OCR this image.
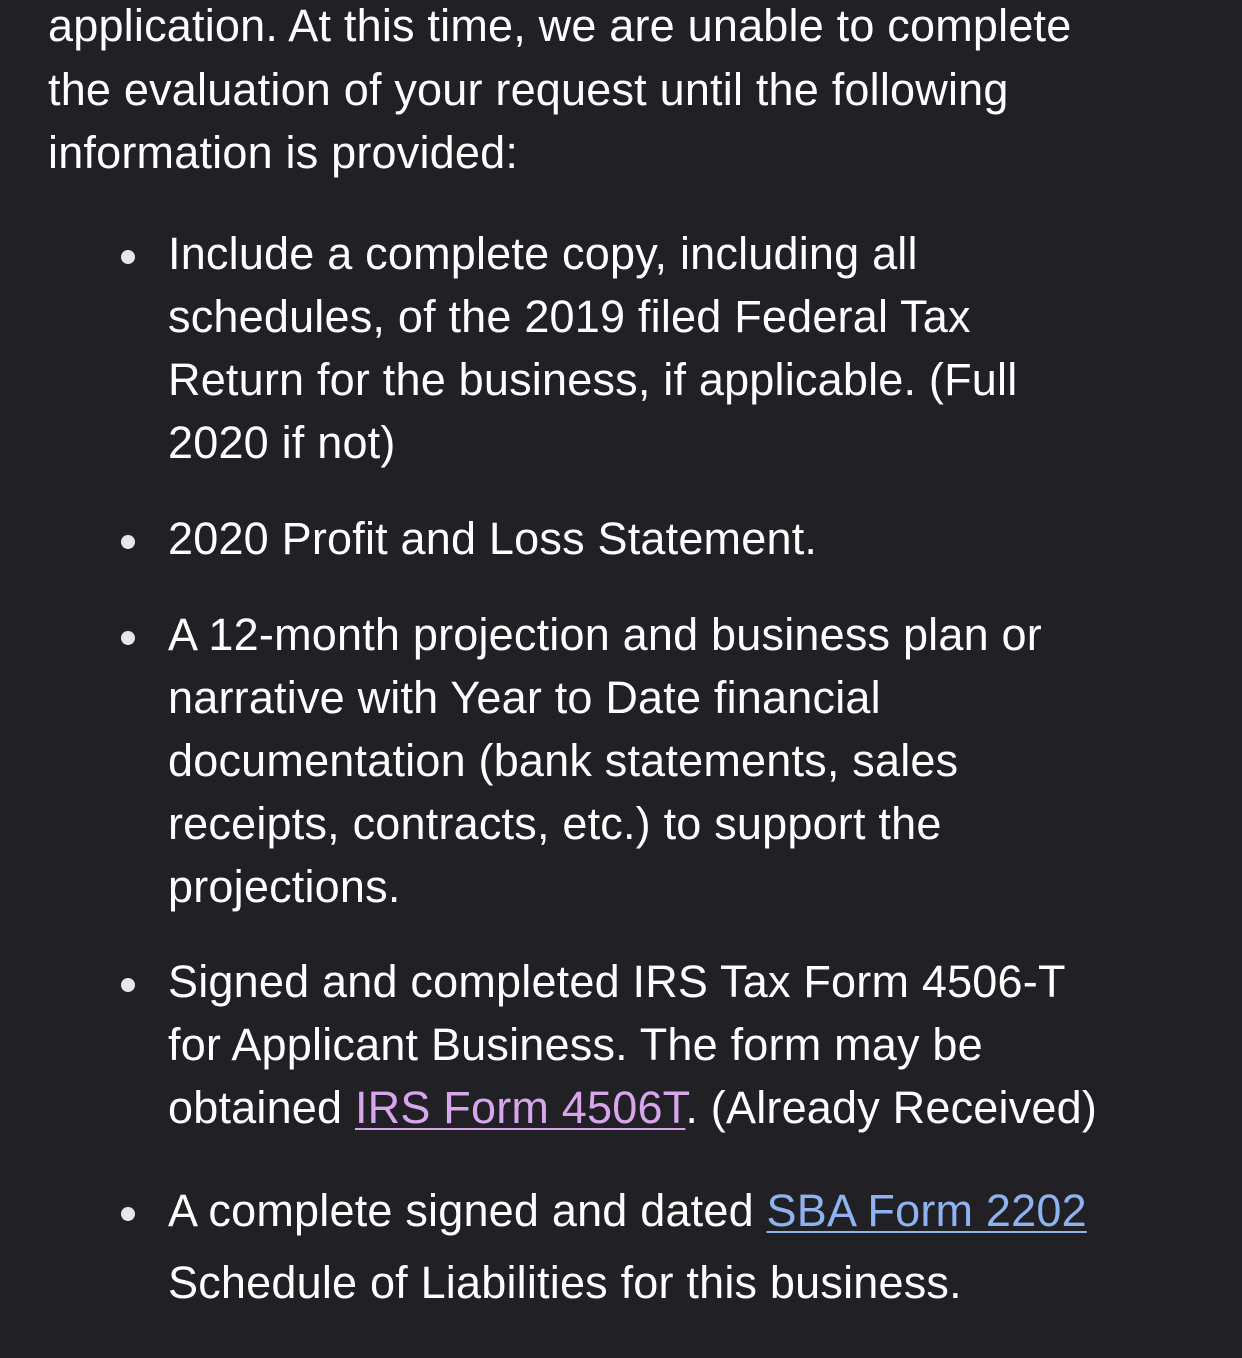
application. At this time, we are unable to complete
the evaluation of your request until the following
information is provided:

Include a complete copy, including all
schedules, of the 2019 filed Federal Tax
Return for the business, if applicable. (Full
2020 if not)
2020 Profit and Loss Statement.
A 12-month projection and business plan or
narrative with Year to Date financial
documentation (bank statements, sales
receipts, contracts, etc.) to support the
projections.
Signed and completed IRS Tax Form 4506-T
for Applicant Business. The form may be
obtained IRS Form 4506T. (Already Received)
A complete signed and dated SBA Form 2202
Schedule of Liabilities for this business.
